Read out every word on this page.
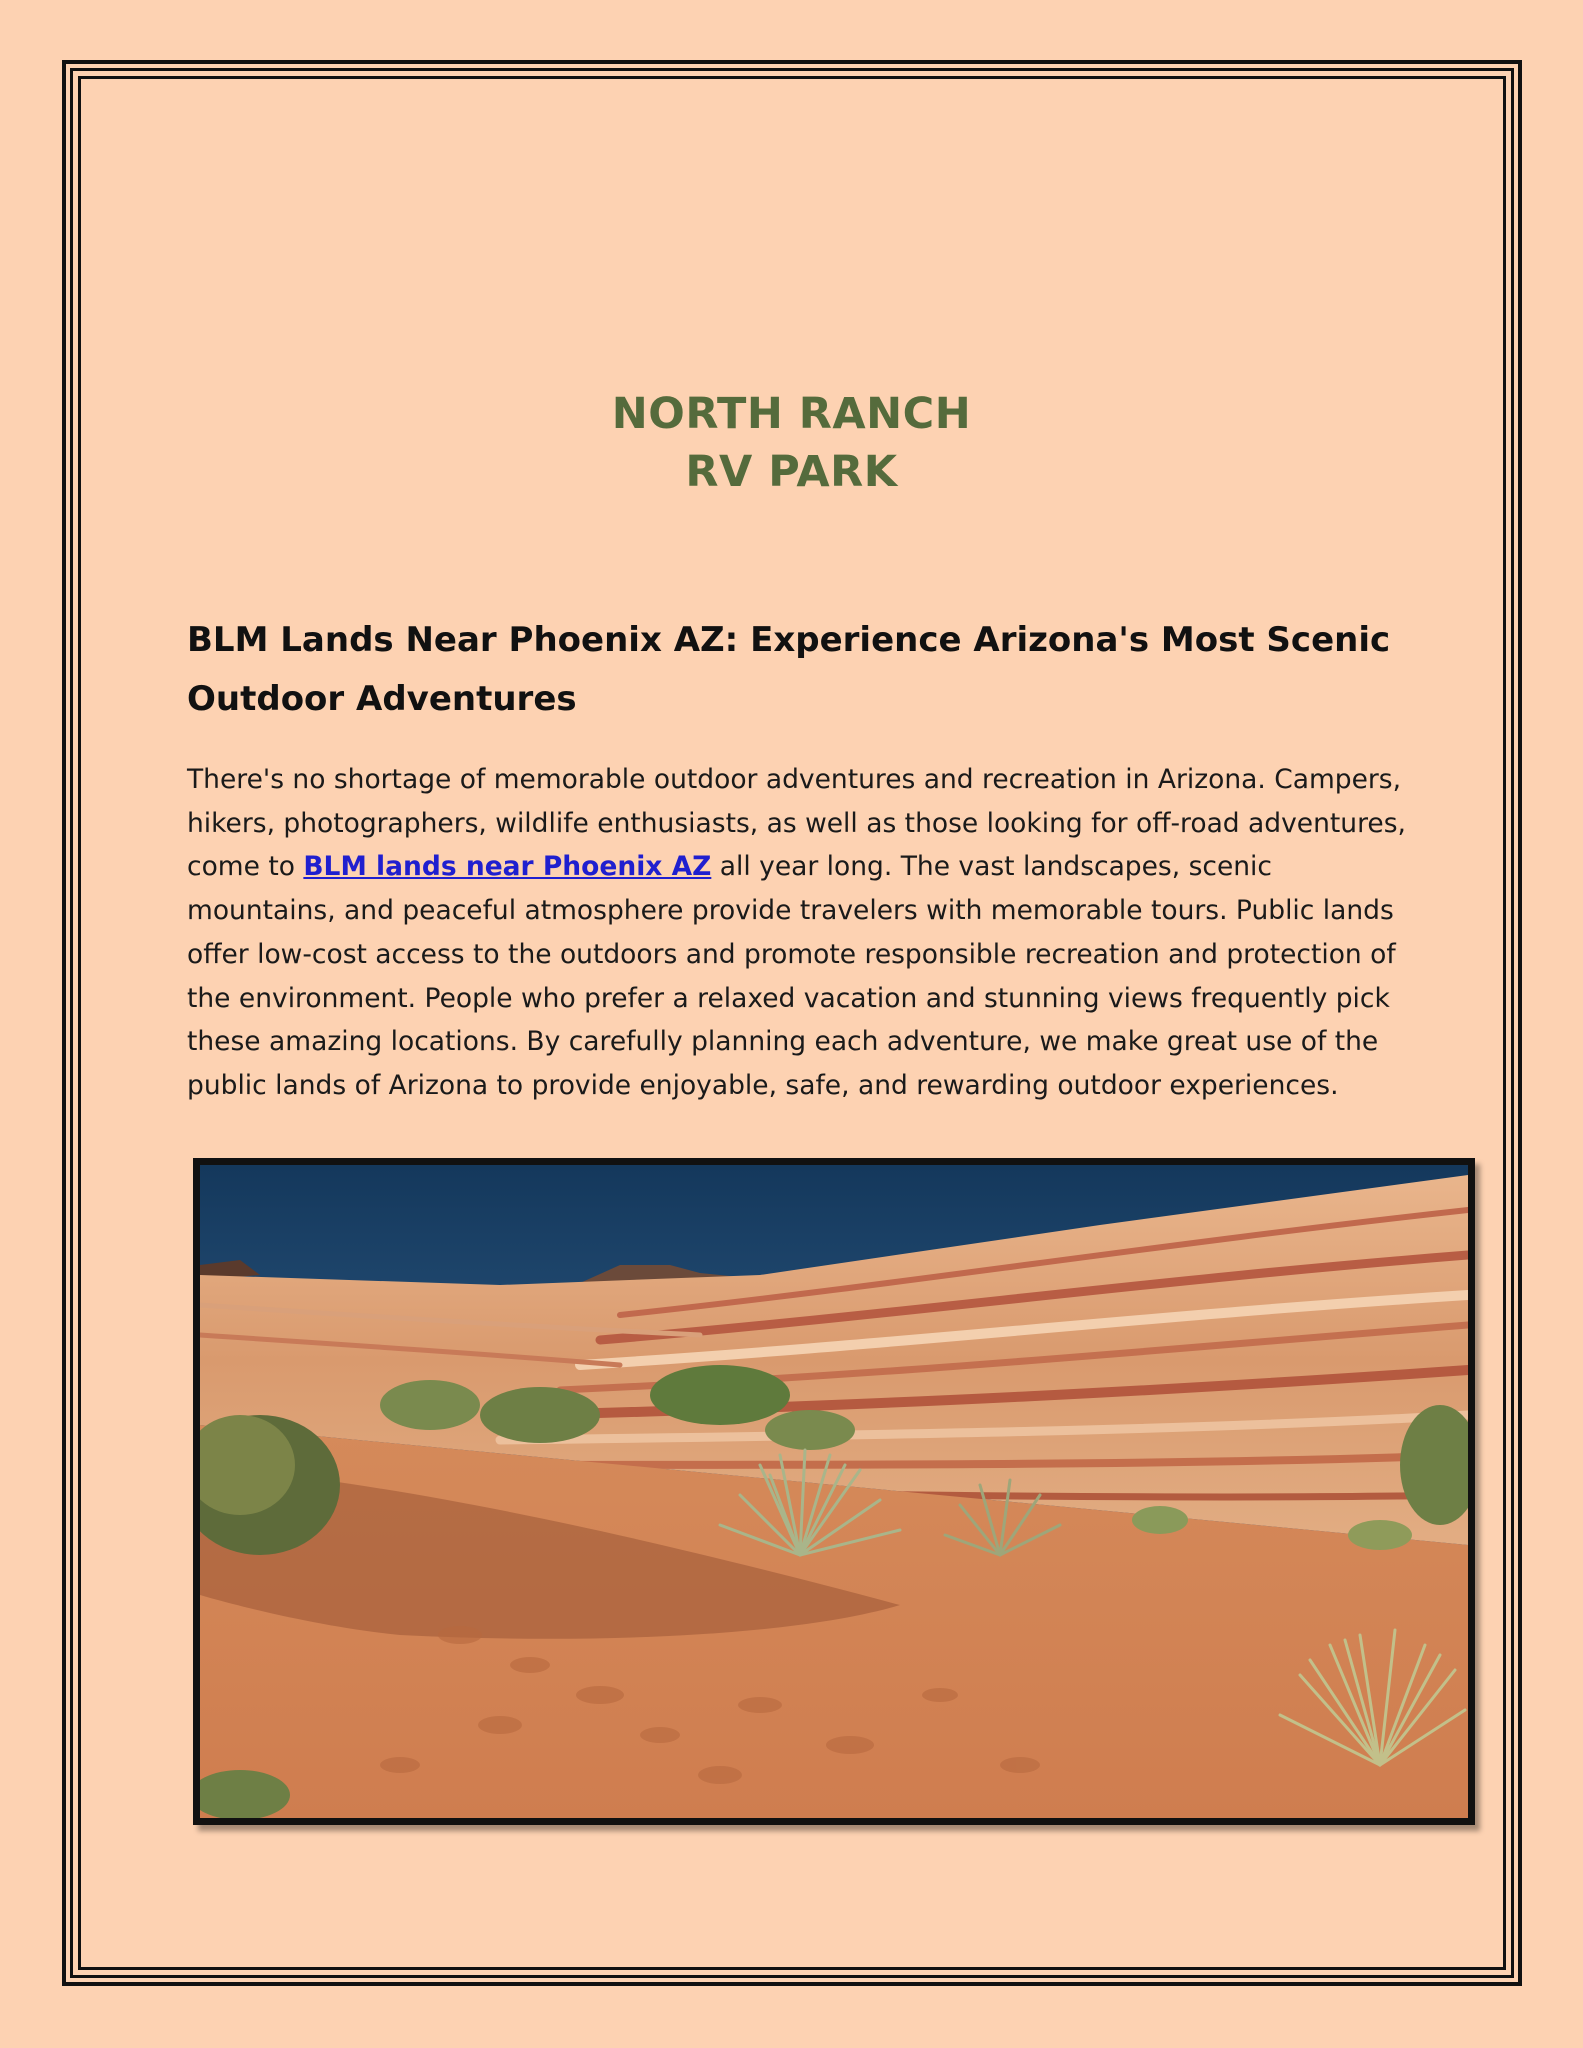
NORTH RANCH
RV PARK
BLM Lands Near Phoenix AZ: Experience Arizona's Most Scenic Outdoor Adventures

There's no shortage of memorable outdoor adventures and recreation in Arizona. Campers, hikers, photographers, wildlife enthusiasts, as well as those looking for off-road adventures, come to BLM lands near Phoenix AZ all year long. The vast landscapes, scenic mountains, and peaceful atmosphere provide travelers with memorable tours. Public lands offer low-cost access to the outdoors and promote responsible recreation and protection of the environment. People who prefer a relaxed vacation and stunning views frequently pick these amazing locations. By carefully planning each adventure, we make great use of the public lands of Arizona to provide enjoyable, safe, and rewarding outdoor experiences.
